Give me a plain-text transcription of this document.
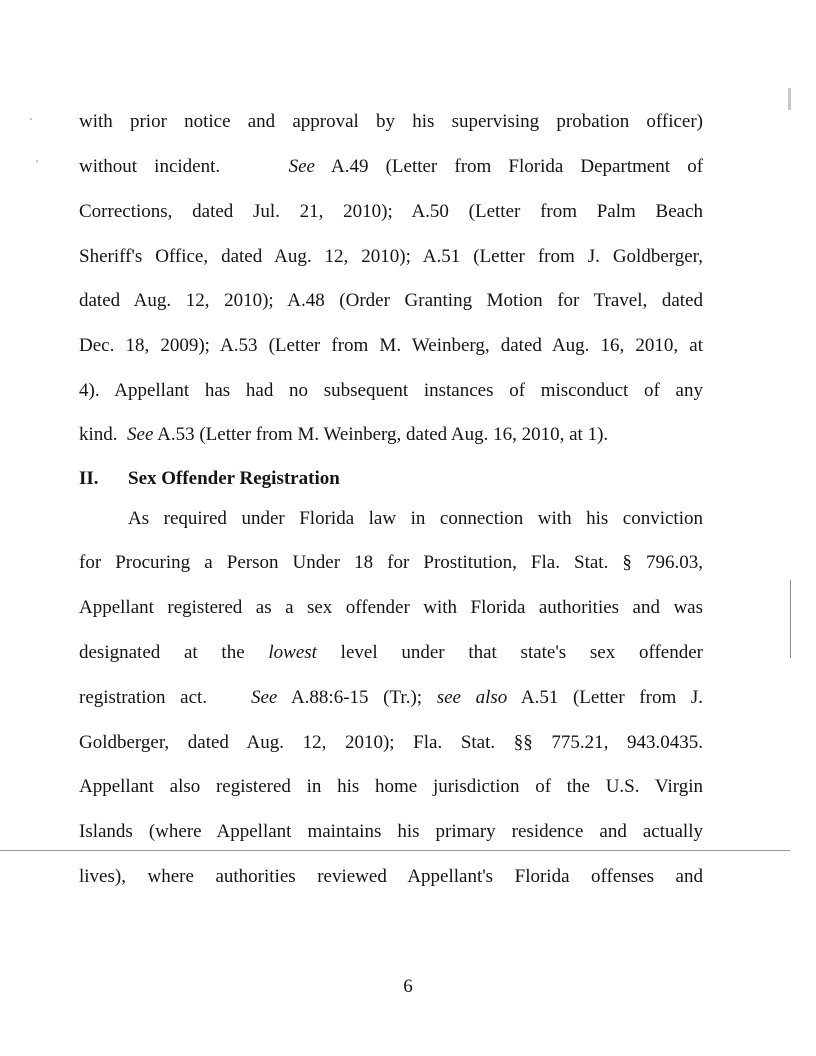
with prior notice and approval by his supervising probation officer)
without incident.	See A.49 (Letter from Florida Department of
Corrections, dated Jul. 21, 2010); A.50 (Letter from Palm Beach
Sheriff's Office, dated Aug. 12, 2010); A.51 (Letter from J. Goldberger,
dated Aug. 12, 2010); A.48 (Order Granting Motion for Travel, dated
Dec. 18, 2009); A.53 (Letter from M. Weinberg, dated Aug. 16, 2010, at
4). Appellant has had no subsequent instances of misconduct of any
kind. See A.53 (Letter from M. Weinberg, dated Aug. 16, 2010, at 1).
II. Sex Offender Registration
As required under Florida law in connection with his conviction
for Procuring a Person Under 18 for Prostitution, Fla. Stat. § 796.03,
Appellant registered as a sex offender with Florida authorities and was
designated at the lowest level under that state's sex offender
registration act. See A.88:6-15 (Tr.); see also A.51 (Letter from J.
Goldberger, dated Aug. 12, 2010); Fla. Stat. §§ 775.21, 943.0435.
Appellant also registered in his home jurisdiction of the U.S. Virgin
Islands (where Appellant maintains his primary residence and actually
lives), where authorities reviewed Appellant's Florida offenses and
6
